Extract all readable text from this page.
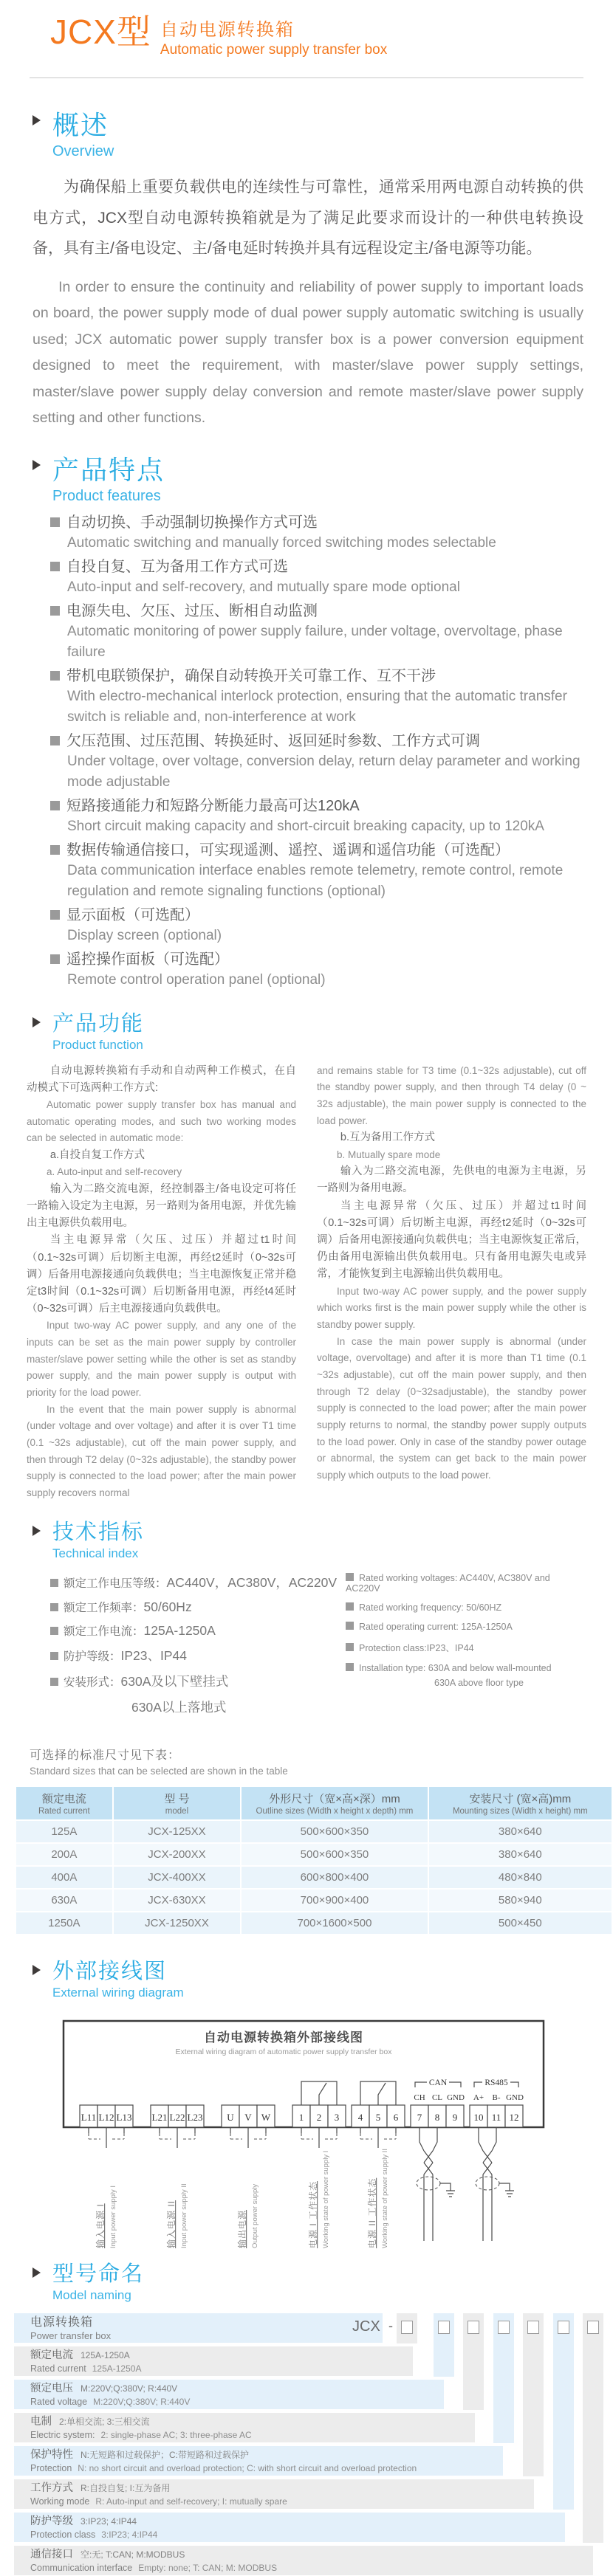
JCX型 自动电源转换箱
Automatic power supply transfer box
概述
Overview

为确保船上重要负载供电的连续性与可靠性，通常采用两电源自动转换的供电方式，JCX型自动电源转换箱就是为了满足此要求而设计的一种供电转换设备，具有主/备电设定、主/备电延时转换并具有远程设定主/备电源等功能。

In order to ensure the continuity and reliability of power supply to important loads on board, the power supply mode of dual power supply automatic switching is usually used; JCX automatic power supply transfer box is a power conversion equipment designed to meet the requirement, with master/slave power supply settings, master/slave power supply delay conversion and remote master/slave power supply setting and other functions.

产品特点
Product features
自动切换、手动强制切换操作方式可选
Automatic switching and manually forced switching modes selectable
自投自复、互为备用工作方式可选
Auto-input and self-recovery, and mutually spare mode optional
电源失电、欠压、过压、断相自动监测
Automatic monitoring of power supply failure, under voltage, overvoltage, phase failure
带机电联锁保护，确保自动转换开关可靠工作、互不干涉
With electro-mechanical interlock protection, ensuring that the automatic transfer switch is reliable and, non-interference at work
欠压范围、过压范围、转换延时、返回延时参数、工作方式可调
Under voltage, over voltage, conversion delay, return delay parameter and working mode adjustable
短路接通能力和短路分断能力最高可达120kA
Short circuit making capacity and short-circuit breaking capacity, up to 120kA
数据传输通信接口，可实现遥测、遥控、遥调和遥信功能（可选配）
Data communication interface enables remote telemetry, remote control, remote regulation and remote signaling functions (optional)
显示面板（可选配）
Display screen (optional)
遥控操作面板（可选配）
Remote control operation panel (optional)
产品功能
Product function

自动电源转换箱有手动和自动两种工作模式，在自动模式下可选两种工作方式:

Automatic power supply transfer box has manual and automatic operating modes, and such two working modes can be selected in automatic mode:

a.自投自复工作方式

a. Auto-input and self-recovery

输入为二路交流电源，经控制器主/备电设定可将任一路输入设定为主电源，另一路则为备用电源，并优先输出主电源供负载用电。

当主电源异常（欠压、过压）并超过t1时间（0.1~32s可调）后切断主电源，再经t2延时（0~32s可调）后备用电源接通向负载供电；当主电源恢复正常并稳定t3时间（0.1~32s可调）后切断备用电源，再经t4延时（0~32s可调）后主电源接通向负载供电。

Input two-way AC power supply, and any one of the inputs can be set as the main power supply by controller master/slave power setting while the other is set as standby power supply, and the main power supply is output with priority for the load power.

In the event that the main power supply is abnormal (under voltage and over voltage) and after it is over T1 time (0.1 ~32s adjustable), cut off the main power supply, and then through T2 delay (0~32s adjustable), the standby power supply is connected to the load power; after the main power supply recovers normal

and remains stable for T3 time (0.1~32s adjustable), cut off the standby power supply, and then through T4 delay (0 ~ 32s adjustable), the main power supply is connected to the load power.

b.互为备用工作方式

b. Mutually spare mode

输入为二路交流电源，先供电的电源为主电源，另一路则为备用电源。

当主电源异常（欠压、过压）并超过t1时间（0.1~32s可调）后切断主电源，再经t2延时（0~32s可调）后备用电源接通向负载供电；当主电源恢复正常后，仍由备用电源输出供负载用电。只有备用电源失电或异常，才能恢复到主电源输出供负载用电。

Input two-way AC power supply, and the power supply which works first is the main power supply while the other is standby power supply.

In case the main power supply is abnormal (under voltage, overvoltage) and after it is more than T1 time (0.1 ~32s adjustable), cut off the main power supply, and then through T2 delay (0~32sadjustable), the standby power supply is connected to the load power; after the main power supply returns to normal, the standby power supply outputs to the load power. Only in case of the standby power outage or abnormal, the system can get back to the main power supply which outputs to the load power.

技术指标
Technical index
额定工作电压等级：AC440V，AC380V，AC220V
额定工作频率：50/60Hz
额定工作电流：125A-1250A
防护等级：IP23、IP44
安装形式：630A及以下壁挂式
630A以上落地式
Rated working voltages: AC440V, AC380V and AC220V
Rated working frequency: 50/60HZ
Rated operating current: 125A-1250A
Protection class:IP23、IP44
Installation type: 630A and below wall-mounted
630A above floor type
可选择的标准尺寸见下表：
Standard sizes that can be selected are shown in the table
额定电流
Rated current

型 号
model

外形尺寸（宽×高×深）mm
Outline sizes (Width x height x depth) mm

安装尺寸 (宽×高)mm
Mounting sizes (Width x height) mm

125A	JCX-125XX	500×600×350	380×640
200A	JCX-200XX	500×600×350	380×640
400A	JCX-400XX	600×800×400	480×840
630A	JCX-630XX	700×900×400	580×940
1250A	JCX-1250XX	700×1600×500	500×450
外部接线图
External wiring diagram
自动电源转换箱外部接线图
External wiring diagram of automatic power supply transfer box
CAN
CH CL GND
RS485
A+ B- GND
L11 L12 L13
输入电源 I Input power supply I
L21 L22 L23
输入电源 II Input power supply II
U V W
输出电源 Output power supply
1 2 3
电源 I 工作状态 Working state of power supply I
4 5 6
电源 II 工作状态 Working state of power supply II
7 8 9 10 11 12
型号命名
Model naming
电源转换箱
Power transfer box
额定电流 125A-1250A
Rated current 125A-1250A
额定电压 M:220V;Q:380V; R:440V
Rated voltage M:220V;Q:380V; R:440V
电制 2:单相交流; 3:三相交流
Electric system: 2: single-phase AC; 3: three-phase AC
保护特性 N:无短路和过载保护；C:带短路和过载保护
Protection N: no short circuit and overload protection; C: with short circuit and overload protection
工作方式 R:自投自复; I:互为备用
Working mode R: Auto-input and self-recovery; I: mutually spare
防护等级 3:IP23; 4:IP44
Protection class 3:IP23; 4:IP44
通信接口 空:无; T:CAN; M:MODBUS
Communication interface Empty: none; T: CAN; M: MODBUS
JCX -
